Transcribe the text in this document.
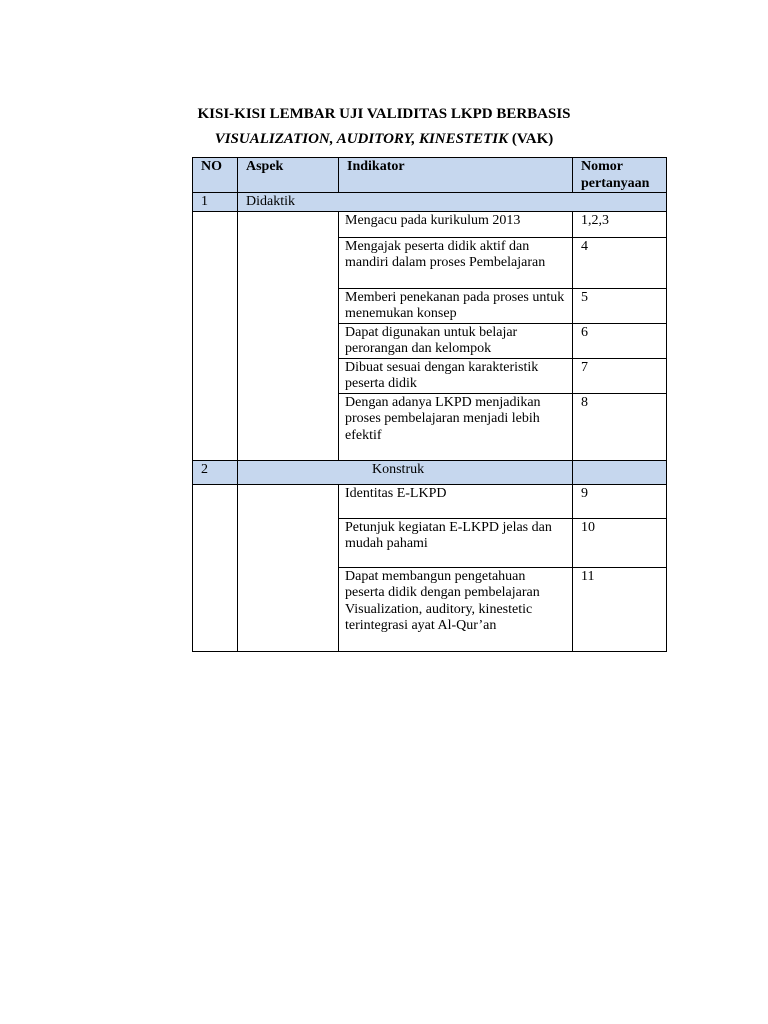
KISI-KISI LEMBAR UJI VALIDITAS LKPD BERBASIS
VISUALIZATION, AUDITORY, KINESTETIK (VAK)
NO	Aspek	Indikator	Nomor pertanyaan
1	Didaktik		
		Mengacu pada kurikulum 2013	1,2,3
		Mengajak peserta didik aktif dan mandiri dalam proses Pembelajaran	4
		Memberi penekanan pada proses untuk menemukan konsep	5
		Dapat digunakan untuk belajar perorangan dan kelompok	6
		Dibuat sesuai dengan karakteristik peserta didik	7
		Dengan adanya LKPD menjadikan proses pembelajaran menjadi lebih efektif	8
2	Konstruk		
		Identitas E-LKPD	9
		Petunjuk kegiatan E-LKPD jelas dan mudah pahami	10
		Dapat membangun pengetahuan peserta didik dengan pembelajaran Visualization, auditory, kinestetic terintegrasi ayat Al-Qur’an	11
